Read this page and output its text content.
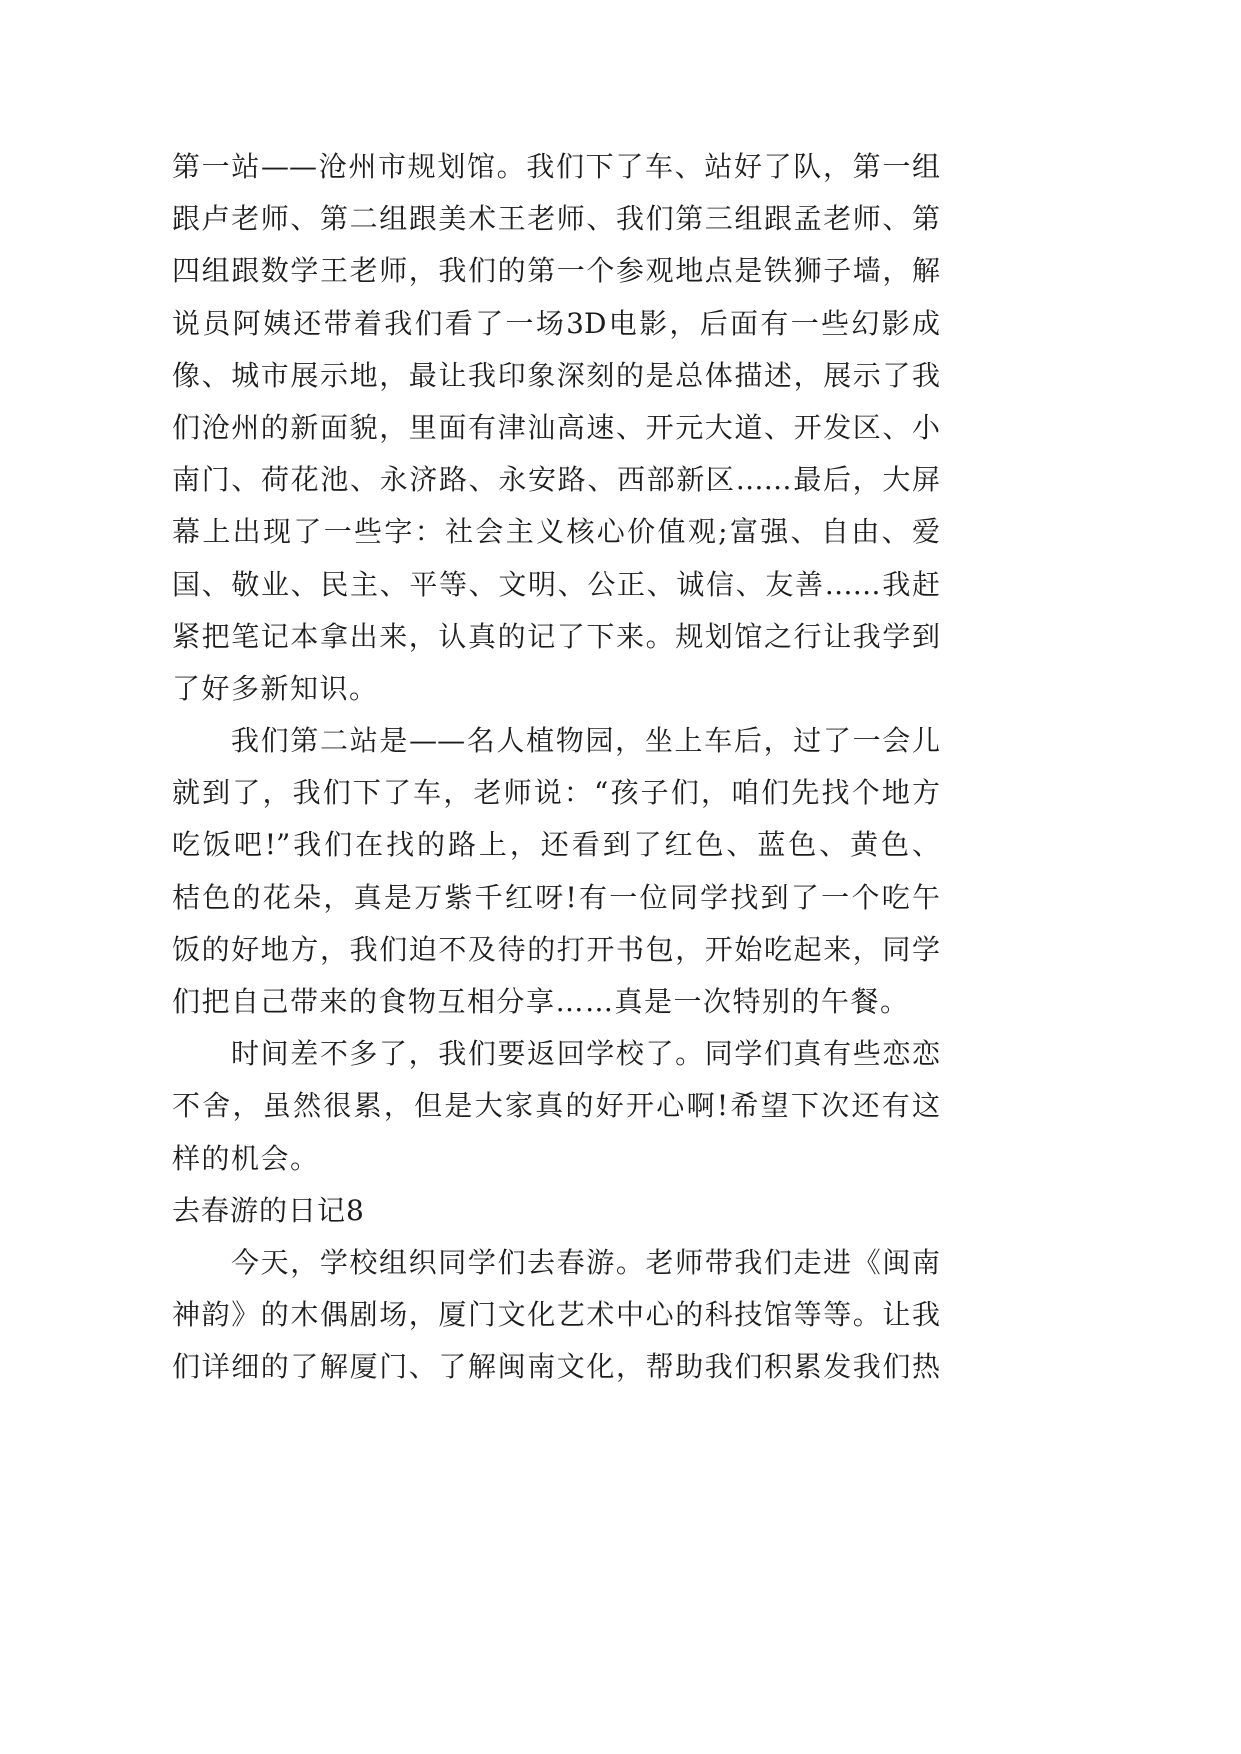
第一站——沧州市规划馆。我们下了车、站好了队，第一组
跟卢老师、第二组跟美术王老师、我们第三组跟孟老师、第
四组跟数学王老师，我们的第一个参观地点是铁狮子墙，解
说员阿姨还带着我们看了一场3D电影，后面有一些幻影成
像、城市展示地，最让我印象深刻的是总体描述，展示了我
们沧州的新面貌，里面有津汕高速、开元大道、开发区、小
南门、荷花池、永济路、永安路、西部新区……最后，大屏
幕上出现了一些字：社会主义核心价值观;富强、自由、爱
国、敬业、民主、平等、文明、公正、诚信、友善……我赶
紧把笔记本拿出来，认真的记了下来。规划馆之行让我学到
了好多新知识。
我们第二站是——名人植物园，坐上车后，过了一会儿
就到了，我们下了车，老师说：“孩子们，咱们先找个地方
吃饭吧!”我们在找的路上，还看到了红色、蓝色、黄色、
桔色的花朵，真是万紫千红呀!有一位同学找到了一个吃午
饭的好地方，我们迫不及待的打开书包，开始吃起来，同学
们把自己带来的食物互相分享……真是一次特别的午餐。
时间差不多了，我们要返回学校了。同学们真有些恋恋
不舍，虽然很累，但是大家真的好开心啊!希望下次还有这
样的机会。
去春游的日记8
今天，学校组织同学们去春游。老师带我们走进《闽南
神韵》的木偶剧场，厦门文化艺术中心的科技馆等等。让我
们详细的了解厦门、了解闽南文化，帮助我们积累发我们热
